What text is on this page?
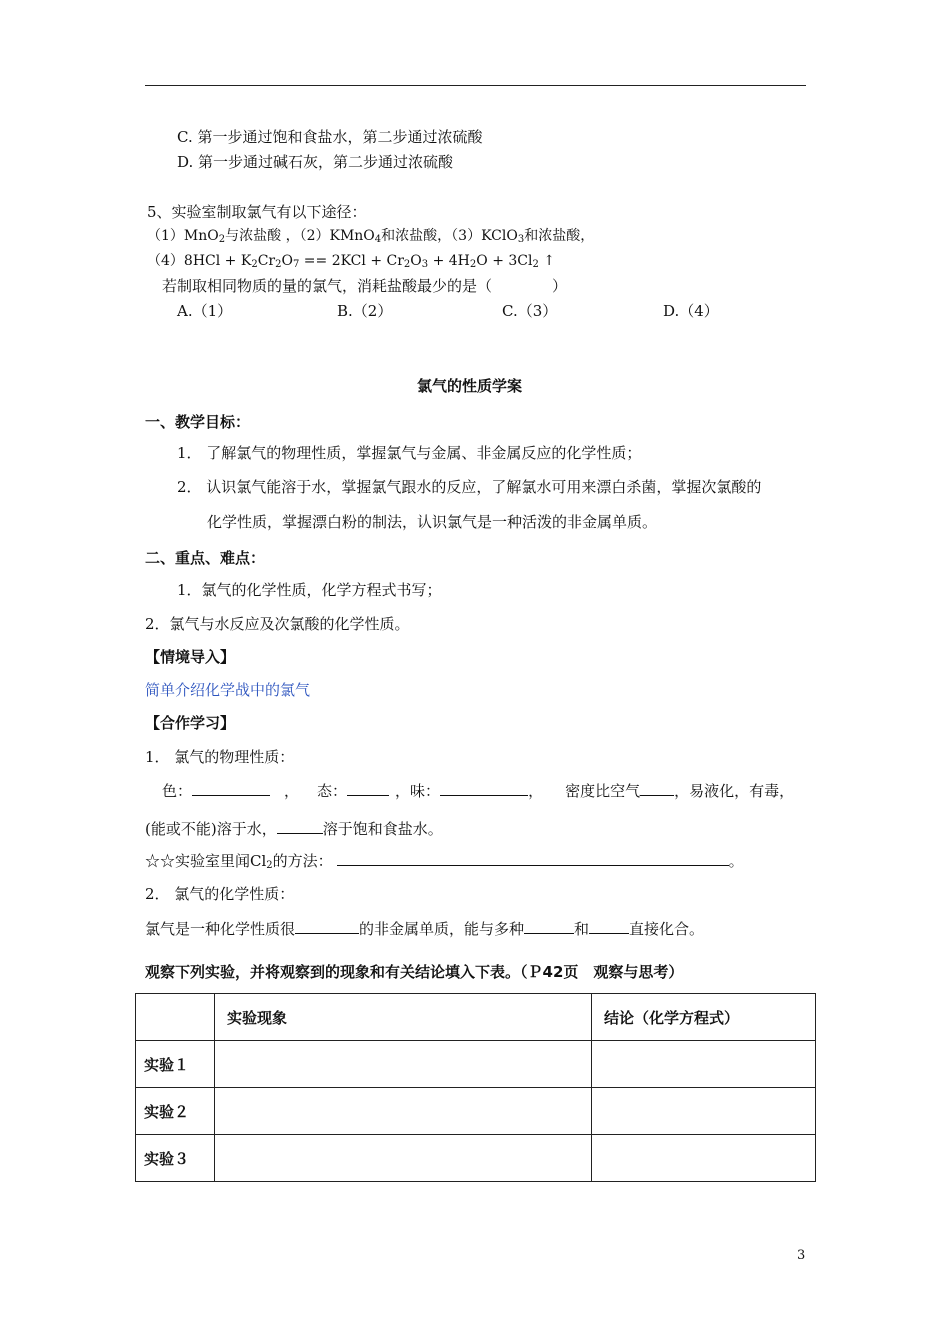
C. 第一步通过饱和食盐水，第二步通过浓硫酸
D. 第一步通过碱石灰，第二步通过浓硫酸
5、实验室制取氯气有以下途径：
（1）MnO$_2$与浓盐酸 ，（2）KMnO$_4$和浓盐酸，（3）KClO$_3$和浓盐酸，
$(4)8HCl + K_2Cr_2O_7 == 2KCl + Cr_2O_3 + 4H_2O + 3Cl_2$ ↑
若制取相同物质的量的氯气，消耗盐酸最少的是（　　　　）
A.（1）	B.（2）	C.（3）	D.（4）
氯气的性质学案
一、教学目标：
1． 了解氯气的物理性质，掌握氯气与金属、非金属反应的化学性质；
2． 认识氯气能溶于水，掌握氯气跟水的反应，了解氯水可用来漂白杀菌，掌握次氯酸的
化学性质，掌握漂白粉的制法，认识氯气是一种活泼的非金属单质。
二、重点、难点：
1．氯气的化学性质，化学方程式书写；
2．氯气与水反应及次氯酸的化学性质。
【情境导入】
简单介绍化学战中的氯气
【合作学习】
1． 氯气的物理性质：
色：	， 态：	，味：	， 密度比空气 ，易液化，有毒，
(能或不能)溶于水，	溶于饱和食盐水。
☆☆实验室里闻$Cl_2$的方法：	。
2． 氯气的化学性质：
氯气是一种化学性质很	的非金属单质，能与多种	和	直接化合。
观察下列实验，并将观察到的现象和有关结论填入下表。（Ｐ42页　观察与思考）
	实验现象	结论（化学方程式）
实验１		
实验２		
实验３		
3
